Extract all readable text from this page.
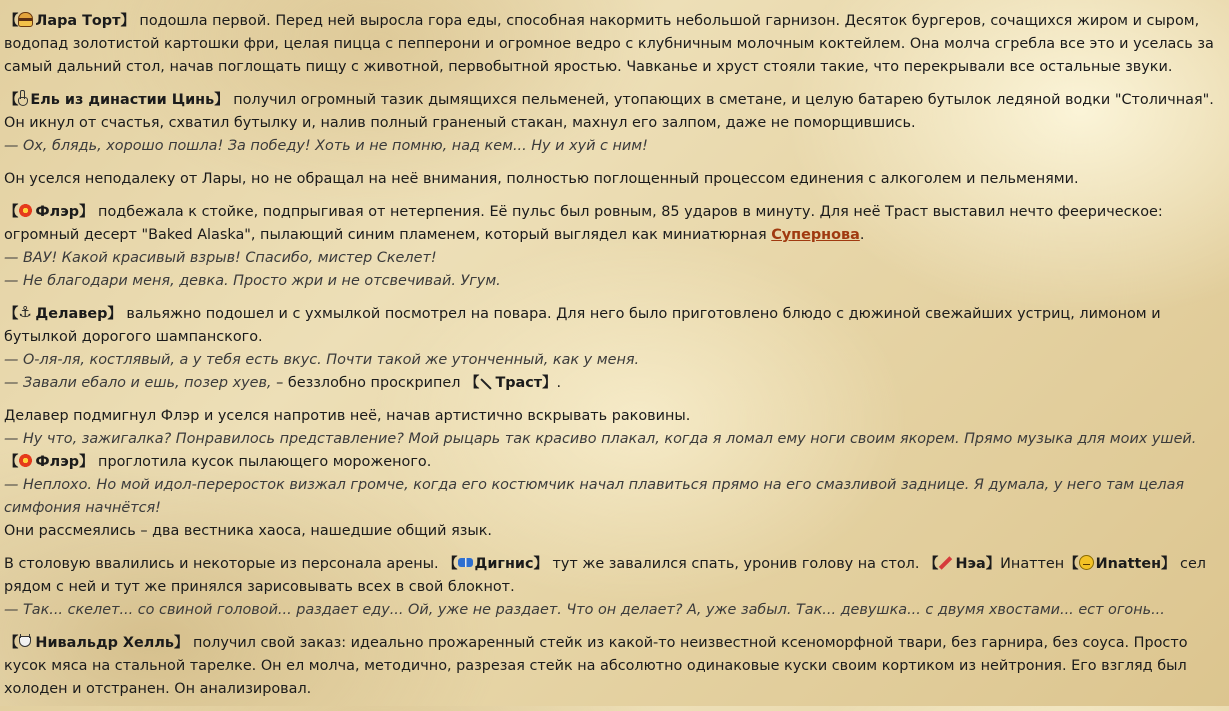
【 Лара Торт】 подошла первой. Перед ней выросла гора еды, способная накормить небольшой гарнизон. Десяток бургеров, сочащихся жиром и сыром, водопад золотистой картошки фри, целая пицца с пепперони и огромное ведро с клубничным молочным коктейлем. Она молча сгребла все это и уселась за самый дальний стол, начав поглощать пищу с животной, первобытной яростью. Чавканье и хруст стояли такие, что перекрывали все остальные звуки.
【 Ель из династии Цинь】 получил огромный тазик дымящихся пельменей, утопающих в сметане, и целую батарею бутылок ледяной водки "Столичная". Он икнул от счастья, схватил бутылку и, налив полный граненый стакан, махнул его залпом, даже не поморщившись.
— Ох, блядь, хорошо пошла! За победу! Хоть и не помню, над кем... Ну и хуй с ним!
Он уселся неподалеку от Лары, но не обращал на неё внимания, полностью поглощенный процессом единения с алкоголем и пельменями.
【 Флэр】 подбежала к стойке, подпрыгивая от нетерпения. Её пульс был ровным, 85 ударов в минуту. Для неё Траст выставил нечто феерическое: огромный десерт "Baked Alaska", пылающий синим пламенем, который выглядел как миниатюрная Супернова.
— ВАУ! Какой красивый взрыв! Спасибо, мистер Скелет!
— Не благодари меня, девка. Просто жри и не отсвечивай. Угум.
【⚓ Делавер】 вальяжно подошел и с ухмылкой посмотрел на повара. Для него было приготовлено блюдо с дюжиной свежайших устриц, лимоном и бутылкой дорогого шампанского.
— О-ля-ля, костлявый, а у тебя есть вкус. Почти такой же утонченный, как у меня.
— Завали ебало и ешь, позер хуев, – беззлобно проскрипел 【 Траст】.
Делавер подмигнул Флэр и уселся напротив неё, начав артистично вскрывать раковины.
— Ну что, зажигалка? Понравилось представление? Мой рыцарь так красиво плакал, когда я ломал ему ноги своим якорем. Прямо музыка для моих ушей.
【 Флэр】 проглотила кусок пылающего мороженого.
— Неплохо. Но мой идол-переросток визжал громче, когда его костюмчик начал плавиться прямо на его смазливой заднице. Я думала, у него там целая симфония начнётся!
Они рассмеялись – два вестника хаоса, нашедшие общий язык.
В столовую ввалились и некоторые из персонала арены. 【 Дигнис】 тут же завалился спать, уронив голову на стол. 【 Нэа】Инаттен【 Иnattен】 сел рядом с ней и тут же принялся зарисовывать всех в свой блокнот.
— Так... скелет... со свиной головой... раздает еду... Ой, уже не раздает. Что он делает? А, уже забыл. Так... девушка... с двумя хвостами... ест огонь...
【 Нивальдр Хелль】 получил свой заказ: идеально прожаренный стейк из какой-то неизвестной ксеноморфной твари, без гарнира, без соуса. Просто кусок мяса на стальной тарелке. Он ел молча, методично, разрезая стейк на абсолютно одинаковые куски своим кортиком из нейтрония. Его взгляд был холоден и отстранен. Он анализировал.
